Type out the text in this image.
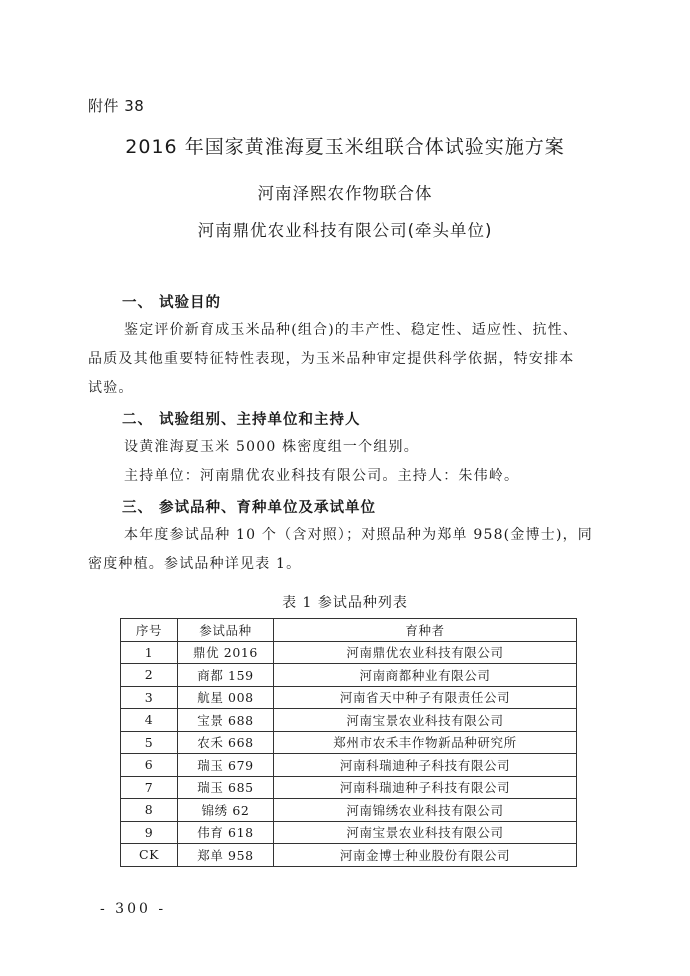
附件 38
2016 年国家黄淮海夏玉米组联合体试验实施方案
河南泽熙农作物联合体
河南鼎优农业科技有限公司(牵头单位)
一、 试验目的
鉴定评价新育成玉米品种(组合)的丰产性、稳定性、适应性、抗性、
品质及其他重要特征特性表现，为玉米品种审定提供科学依据，特安排本
试验。
二、 试验组别、主持单位和主持人
设黄淮海夏玉米 5000 株密度组一个组别。
主持单位：河南鼎优农业科技有限公司。主持人：朱伟岭。
三、 参试品种、育种单位及承试单位
本年度参试品种 10 个（含对照）；对照品种为郑单 958(金博士)，同
密度种植。参试品种详见表 1。
表 1 参试品种列表
序号	参试品种	育种者
1	鼎优 2016	河南鼎优农业科技有限公司
2	商都 159	河南商都种业有限公司
3	航星 008	河南省天中种子有限责任公司
4	宝景 688	河南宝景农业科技有限公司
5	农禾 668	郑州市农禾丰作物新品种研究所
6	瑞玉 679	河南科瑞迪种子科技有限公司
7	瑞玉 685	河南科瑞迪种子科技有限公司
8	锦绣 62	河南锦绣农业科技有限公司
9	伟育 618	河南宝景农业科技有限公司
CK	郑单 958	河南金博士种业股份有限公司
- 300 -
